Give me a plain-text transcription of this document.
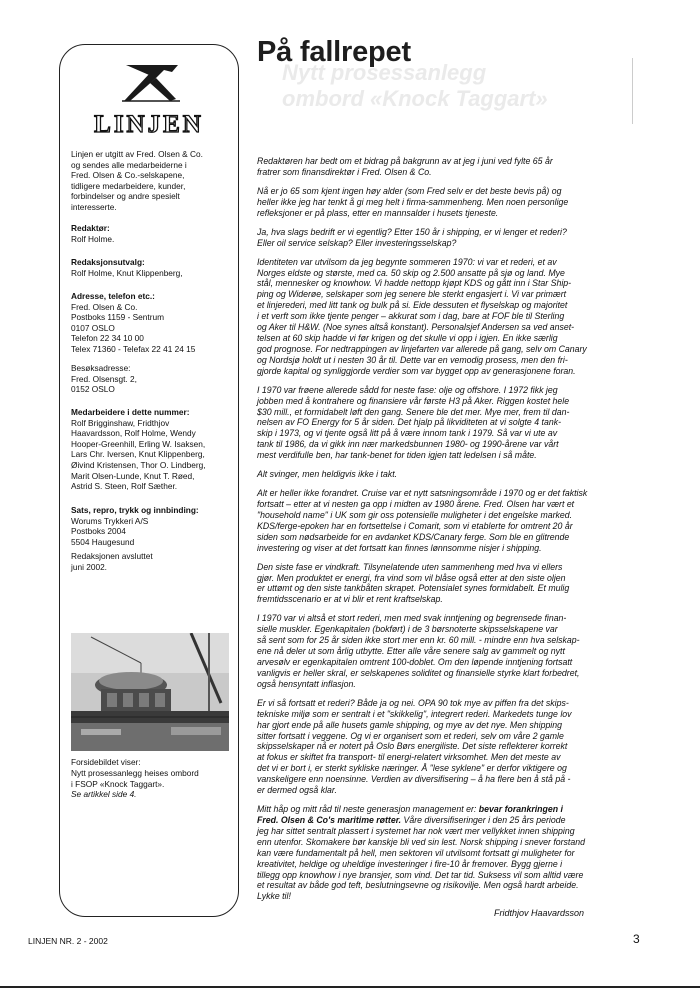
LINJEN
Linjen er utgitt av Fred. Olsen & Co.
og sendes alle medarbeiderne i
Fred. Olsen & Co.-selskapene,
tidligere medarbeidere, kunder,
forbindelser og andre spesielt
interesserte.
Redaktør:
Rolf Holme.
Redaksjonsutvalg:
Rolf Holme, Knut Klippenberg,
Adresse, telefon etc.:
Fred. Olsen & Co.
Postboks 1159 - Sentrum
0107 OSLO
Telefon 22 34 10 00
Telex 71360 - Telefax 22 41 24 15
Besøksadresse:
Fred. Olsensgt. 2,
0152 OSLO
Medarbeidere i dette nummer:
Rolf Brigginshaw, Fridthjov
Haavardsson, Rolf Holme, Wendy
Hooper-Greenhill, Erling W. Isaksen,
Lars Chr. Iversen, Knut Klippenberg,
Øivind Kristensen, Thor O. Lindberg,
Marit Olsen-Lunde, Knut T. Røed,
Astrid S. Steen, Rolf Sæther.
Sats, repro, trykk og innbinding:
Worums Trykkeri A/S
Postboks 2004
5504 Haugesund
Redaksjonen avsluttet
juni 2002.
Forsidebildet viser:
Nytt prosessanlegg heises ombord
i FSOP «Knock Taggart».
Se artikkel side 4.
Nytt prosessanlegg
ombord «Knock Taggart»
På fallrepet

Redaktøren har bedt om et bidrag på bakgrunn av at jeg i juni ved fylte 65 år
fratrer som finansdirektør i Fred. Olsen & Co.

Nå er jo 65 som kjent ingen høy alder (som Fred selv er det beste bevis på) og
heller ikke jeg har tenkt å gi meg helt i firma-sammenheng. Men noen personlige
refleksjoner er på plass, etter en mannsalder i husets tjeneste.

Ja, hva slags bedrift er vi egentlig? Etter 150 år i shipping, er vi lenger et rederi?
Eller oil service selskap? Eller investeringsselskap?

Identiteten var utvilsom da jeg begynte sommeren 1970: vi var et rederi, et av
Norges eldste og største, med ca. 50 skip og 2.500 ansatte på sjø og land. Mye
stål, mennesker og knowhow. Vi hadde nettopp kjøpt KDS og gått inn i Star Ship-
ping og Widerøe, selskaper som jeg senere ble sterkt engasjert i. Vi var primært
et linjerederi, med litt tank og bulk på si. Eide dessuten et flyselskap og majoritet
i et verft som ikke tjente penger – akkurat som i dag, bare at FOF ble til Sterling
og Aker til H&W. (Noe synes altså konstant). Personalsjef Andersen sa ved anset-
telsen at 60 skip hadde vi før krigen og det skulle vi opp i igjen. En ikke særlig
god prognose. For nedtrappingen av linjefarten var allerede på gang, selv om Canary
og Nordsjø holdt ut i nesten 30 år til. Dette var en vemodig prosess, men den fri-
gjorde kapital og synliggjorde verdier som var bygget opp av generasjonene foran.

I 1970 var frøene allerede sådd for neste fase: olje og offshore. I 1972 fikk jeg
jobben med å kontrahere og finansiere vår første H3 på Aker. Riggen kostet hele
$30 mill., et formidabelt løft den gang. Senere ble det mer. Mye mer, frem til dan-
nelsen av FO Energy for 5 år siden. Det hjalp på likviditeten at vi solgte 4 tank-
skip i 1973, og vi tjente også litt på å være innom tank i 1979. Så var vi ute av
tank til 1986, da vi gikk inn nær markedsbunnen 1980- og 1990-årene var vårt
mest verdifulle ben, har tank-benet for tiden igjen tatt ledelsen i så måte.

Alt svinger, men heldigvis ikke i takt.

Alt er heller ikke forandret. Cruise var et nytt satsningsområde i 1970 og er det faktisk
fortsatt – etter at vi nesten ga opp i midten av 1980 årene. Fred. Olsen har vært et
"household name" i UK som gir oss potensielle muligheter i det engelske marked.
KDS/ferge-epoken har en fortsettelse i Comarit, som vi etablerte for omtrent 20 år
siden som nødsarbeide for en avdanket KDS/Canary ferge. Som ble en glitrende
investering og viser at det fortsatt kan finnes lønnsomme nisjer i shipping.

Den siste fase er vindkraft. Tilsynelatende uten sammenheng med hva vi ellers
gjør. Men produktet er energi, fra vind som vil blåse også etter at den siste oljen
er uttømt og den siste tankbåten skrapet. Potensialet synes formidabelt. Et mulig
fremtidsscenario er at vi blir et rent kraftselskap.

I 1970 var vi altså et stort rederi, men med svak inntjening og begrensede finan-
sielle muskler. Egenkapitalen (bokført) i de 3 børsnoterte skipsselskapene var
så sent som for 25 år siden ikke stort mer enn kr. 60 mill. - mindre enn hva selskap-
ene nå deler ut som årlig utbytte. Etter alle våre senere salg av gammelt og nytt
arvesølv er egenkapitalen omtrent 100-doblet. Om den løpende inntjening fortsatt
vanligvis er heller skral, er selskapenes soliditet og finansielle styrke klart forbedret,
også hensyntatt inflasjon.

Er vi så fortsatt et rederi? Både ja og nei. OPA 90 tok mye av piffen fra det skips-
tekniske miljø som er sentralt i et "skikkelig", integrert rederi. Markedets tunge lov
har gjort ende på alle husets gamle shipping, og mye av det nye. Men shipping
sitter fortsatt i veggene. Og vi er organisert som et rederi, selv om våre 2 gamle
skipsselskaper nå er notert på Oslo Børs energiliste. Det siste reflekterer korrekt
at fokus er skiftet fra transport- til energi-relatert virksomhet. Men det meste av
det vi er bort i, er sterkt sykliske næringer. Å "lese syklene" er derfor viktigere og
vanskeligere enn noensinne. Verdien av diversifisering – å ha flere ben å stå på -
er dermed også klar.

Mitt håp og mitt råd til neste generasjon management er: bevar forankringen i
Fred. Olsen & Co's maritime røtter. Våre diversifiseringer i den 25 års periode
jeg har sittet sentralt plassert i systemet har nok vært mer vellykket innen shipping
enn utenfor. Skomakere bør kanskje bli ved sin lest. Norsk shipping i snever forstand
kan være fundamentalt på hell, men sektoren vil utvilsomt fortsatt gi muligheter for
kreativitet, heldige og uheldige investeringer i fire-10 år fremover. Bygg gjerne i
tillegg opp knowhow i nye bransjer, som vind. Det tar tid. Suksess vil som alltid være
et resultat av både god teft, beslutningsevne og risikovilje. Men også hardt arbeide.
Lykke til!

Fridthjov Haavardsson
LINJEN NR. 2 - 2002	3
